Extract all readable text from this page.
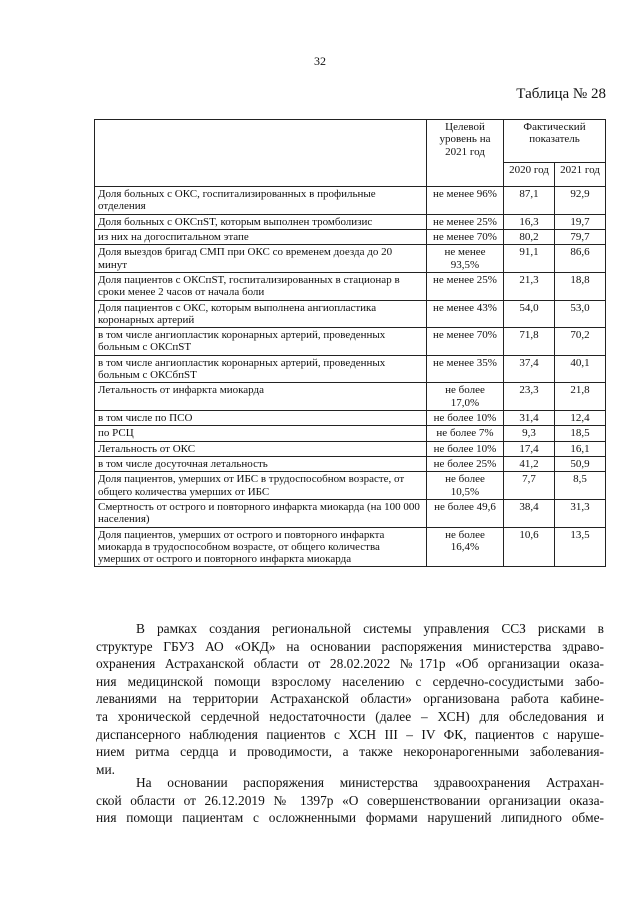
32
Таблица № 28
	Целевой уровень на 2021 год	Фактический показатель	
		2020 год	2021 год
Доля больных с ОКС, госпитализированных в профильные отделения	не менее 96%	87,1	92,9
Доля больных с ОКСпST, которым выполнен тромболизис	не менее 25%	16,3	19,7
из них на догоспитальном этапе	не менее 70%	80,2	79,7
Доля выездов бригад СМП при ОКС со временем доезда до 20 минут	не менее 93,5%	91,1	86,6
Доля пациентов с ОКСпST, госпитализированных в стационар в сроки менее 2 часов от начала боли	не менее 25%	21,3	18,8
Доля пациентов с ОКС, которым выполнена ангиопластика коронарных артерий	не менее 43%	54,0	53,0
в том числе ангиопластик коронарных артерий, проведенных больным с ОКСпST	не менее 70%	71,8	70,2
в том числе ангиопластик коронарных артерий, проведенных больным с ОКСбпST	не менее 35%	37,4	40,1
Летальность от инфаркта миокарда	не более 17,0%	23,3	21,8
в том числе по ПСО	не более 10%	31,4	12,4
по РСЦ	не более 7%	9,3	18,5
Летальность от ОКС	не более 10%	17,4	16,1
в том числе досуточная летальность	не более 25%	41,2	50,9
Доля пациентов, умерших от ИБС в трудоспособном возрасте, от общего количества умерших от ИБС	не более 10,5%	7,7	8,5
Смертность от острого и повторного инфаркта миокарда (на 100 000 населения)	не более 49,6	38,4	31,3
Доля пациентов, умерших от острого и повторного инфаркта миокарда в трудоспособном возрасте, от общего количества умерших от острого и повторного инфаркта миокарда	не более 16,4%	10,6	13,5
В рамках создания региональной системы управления ССЗ рисками в
структуре ГБУЗ АО «ОКД» на основании распоряжения министерства здраво-
охранения Астраханской области от 28.02.2022 №171р «Об организации оказа-
ния медицинской помощи взрослому населению с сердечно-сосудистыми забо-
леваниями на территории Астраханской области» организована работа кабине-
та хронической сердечной недостаточности (далее – ХСН) для обследования и
диспансерного наблюдения пациентов с ХСН III – IV ФК, пациентов с наруше-
нием ритма сердца и проводимости, а также некоронарогенными заболевания-
ми.
На основании распоряжения министерства здравоохранения Астрахан-
ской области от 26.12.2019 № 1397р «О совершенствовании организации оказа-
ния помощи пациентам с осложненными формами нарушений липидного обме-
